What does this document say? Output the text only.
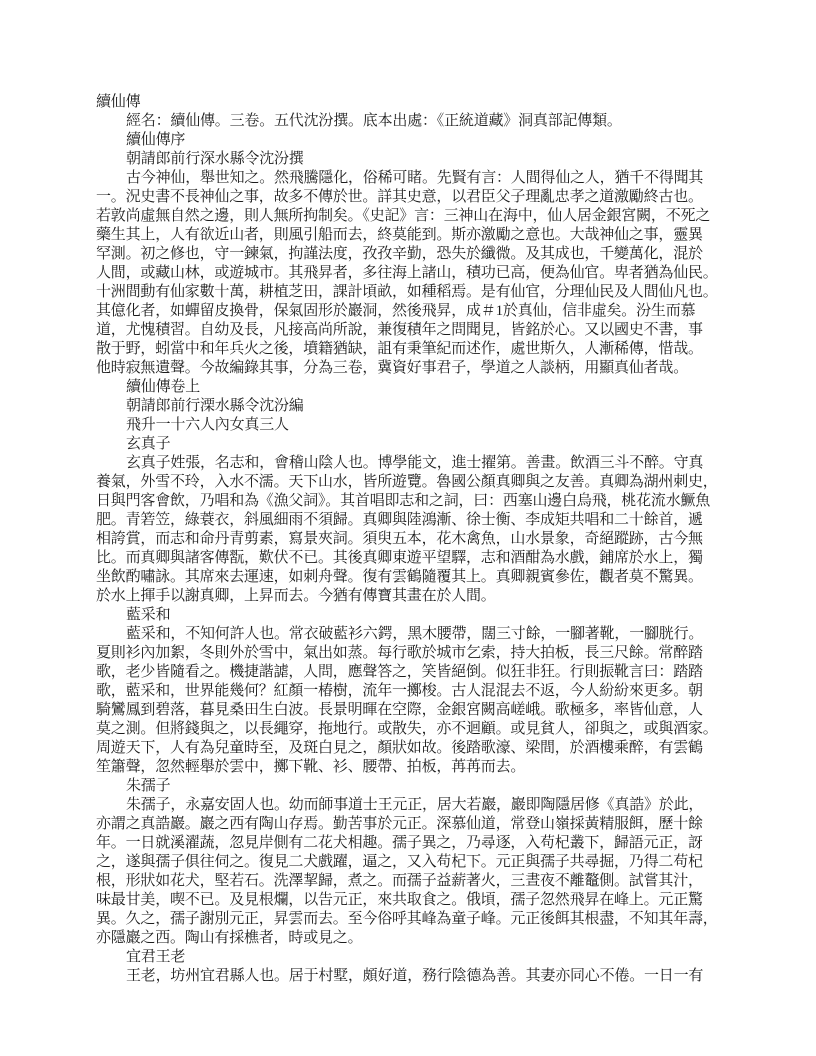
續仙傳
經名：續仙傳。三卷。五代沈汾撰。底本出處：《正統道藏》洞真部記傳類。
續仙傳序
朝請郎前行深水縣令沈汾撰
古今神仙，舉世知之。然飛騰隱化，俗稀可睹。先賢有言：人間得仙之人，猶千不得聞其
一。況史書不長神仙之事，故多不傳於世。詳其史意，以君臣父子理亂忠孝之道激勵終古也。
若敦尚虛無自然之邊，則人無所拘制矣。《史記》言：三神山在海中，仙人居金銀宮闕，不死之
藥生其上，人有欲近山者，則風引船而去，終莫能到。斯亦激勵之意也。大哉神仙之事，靈異
罕測。初之修也，守一鍊氣，拘謹法度，孜孜辛勤，恐失於纖微。及其成也，千變萬化，混於
人間，或藏山林，或遊城市。其飛昇者，多往海上諸山，積功已高，便為仙官。卑者猶為仙民。
十洲間動有仙家數十萬，耕植芝田，課計頃畝，如種稻焉。是有仙官，分理仙民及人間仙凡也。
其億化者，如蟬留皮換骨，保氣固形於巖洞，然後飛昇，成＃1於真仙，信非虛矣。汾生而慕
道，尤愧積習。自幼及長，凡接高尚所說，兼復積年之問聞見，皆銘於心。又以國史不書，事
散于野，蚓當中和年兵火之後，墳籍猶缺，詛有秉筆紀而述作，處世斯久，人漸稀傳，惜哉。
他時寂無遺聲。今故編錄其事，分為三卷，冀資好事君子，學道之人談柄，用顯真仙者哉。
續仙傳卷上
朝請郎前行溧水縣令沈汾編
飛升一十六人內女真三人
玄真子
玄真子姓張，名志和，會稽山陰人也。博學能文，進士擢第。善畫。飲酒三斗不醉。守真
養氣，外雪不玲，入水不濡。天下山水，皆所遊覽。魯國公顏真卿與之友善。真卿為湖州刺史，
日與門客會飲，乃唱和為《漁父詞》。其首唱即志和之詞，曰：西塞山邊白烏飛，桃花流水鱖魚
肥。青箬笠，綠蓑衣，斜風細雨不須歸。真卿與陸鴻漸、徐士衡、李成矩共唱和二十餘首，遞
相誇賞，而志和命丹青剪素，寫景夾詞。須臾五本，花木禽魚，山水景象，奇絕蹤跡，古今無
比。而真卿與諸客傳翫，歎伏不已。其後真卿東遊平望驛，志和酒酣為水戲，鋪席於水上，獨
坐飲酌嘯詠。其席來去運速，如刺舟聲。復有雲鶴隨覆其上。真卿親賓參佐，觀者莫不驚異。
於水上揮手以謝真卿，上昇而去。今猶有傳寶其畫在於人間。
藍采和
藍采和，不知何許人也。常衣破藍衫六鍔，黑木腰帶，闊三寸餘，一腳著靴，一腳胱行。
夏則衫內加絮，冬則外於雪中，氣出如蒸。每行歌於城市乞索，持大拍板，長三尺餘。常醉踏
歌，老少皆隨看之。機捷諧謔，人問，應聲答之，笑皆絕倒。似狂非狂。行則振靴言曰：踏踏
歌，藍采和，世界能幾何？紅顏一椿樹，流年一擲梭。古人混混去不返，今人紛紛來更多。朝
騎鸞鳳到碧落，暮見桑田生白波。長景明暉在空際，金銀宮闕高嵯峨。歌極多，率皆仙意，人
莫之測。但將錢與之，以長繩穿，拖地行。或散失，亦不迴顧。或見貧人，卻與之，或與酒家。
周遊天下，人有為兒童時至，及斑白見之，顏狀如故。後踏歌濠、梁間，於酒樓乘醉，有雲鶴
笙簫聲，忽然輕舉於雲中，擲下靴、衫、腰帶、拍板，苒苒而去。
朱孺子
朱孺子，永嘉安固人也。幼而師事道士王元正，居大若巖，巖即陶隱居修《真誥》於此，
亦謂之真誥巖。巖之西有陶山存焉。勤苦事於元正。深慕仙道，常登山嶺採黃精服餌，歷十餘
年。一日就溪濯蔬，忽見岸側有二花犬相趣。孺子異之，乃尋逐，入苟杞叢下，歸語元正，訝
之，遂與孺子俱往伺之。復見二犬戲躍，逼之，又入苟杞下。元正與孺子共尋掘，乃得二苟杞
根，形狀如花犬，堅若石。洗澤挈歸，煮之。而孺子益薪著火，三晝夜不離鼇側。試嘗其汁，
味最甘美，喫不已。及見根爛，以告元正，來共取食之。俄頃，孺子忽然飛昇在峰上。元正驚
異。久之，孺子謝別元正，昇雲而去。至今俗呼其峰為童子峰。元正後餌其根盡，不知其年壽，
亦隱巖之西。陶山有採樵者，時或見之。
宜君王老
王老，坊州宜君縣人也。居于村墅，頗好道，務行陰德為善。其妻亦同心不倦。一日一有
